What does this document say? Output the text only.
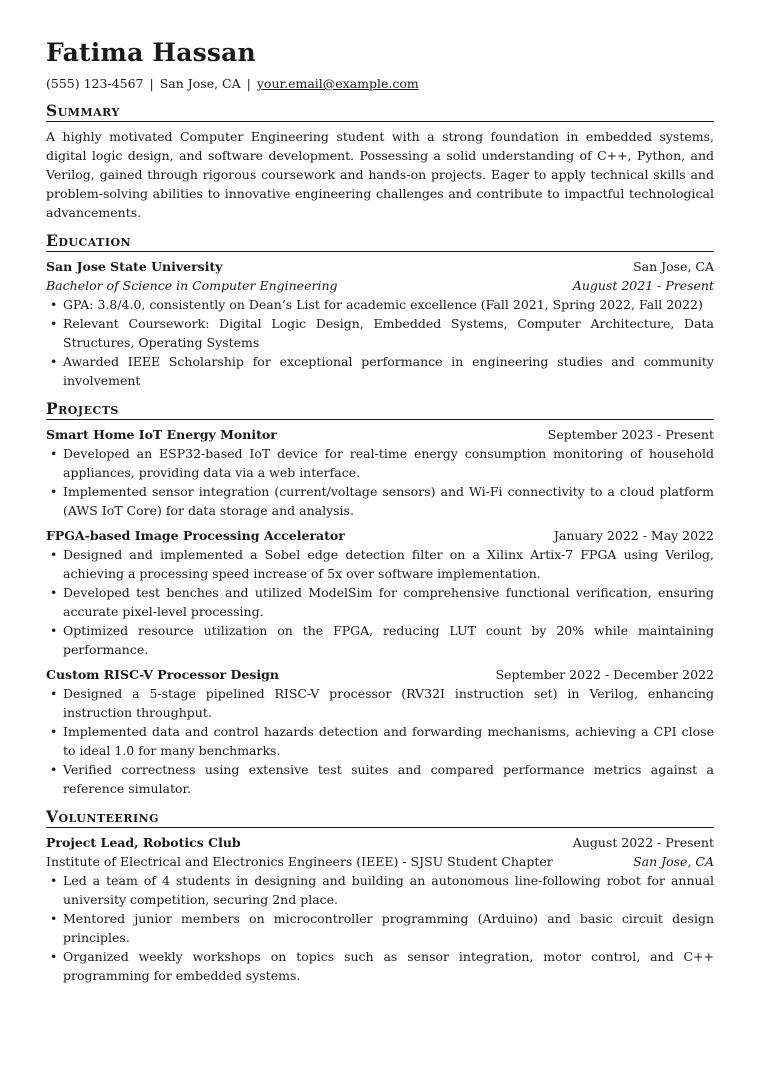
Fatima Hassan
(555) 123-4567 | San Jose, CA | your.email@example.com
Summary

A highly motivated Computer Engineering student with a strong foundation in embedded systems, digital logic design, and software development. Possessing a solid understanding of C++, Python, and Verilog, gained through rigorous coursework and hands-on projects. Eager to apply technical skills and problem-solving abilities to innovative engineering challenges and contribute to impactful technological advancements.

Education
San Jose State University	San Jose, CA
Bachelor of Science in Computer Engineering	August 2021 - Present
• GPA: 3.8/4.0, consistently on Dean’s List for academic excellence (Fall 2021, Spring 2022, Fall 2022)
• Relevant Coursework: Digital Logic Design, Embedded Systems, Computer Architecture, Data Structures, Operating Systems
• Awarded IEEE Scholarship for exceptional performance in engineering studies and community involvement
Projects
Smart Home IoT Energy Monitor	September 2023 - Present
• Developed an ESP32-based IoT device for real-time energy consumption monitoring of household appliances, providing data via a web interface.
• Implemented sensor integration (current/voltage sensors) and Wi-Fi connectivity to a cloud platform (AWS IoT Core) for data storage and analysis.
FPGA-based Image Processing Accelerator	January 2022 - May 2022
• Designed and implemented a Sobel edge detection filter on a Xilinx Artix-7 FPGA using Verilog, achieving a processing speed increase of 5x over software implementation.
• Developed test benches and utilized ModelSim for comprehensive functional verification, ensuring accurate pixel-level processing.
• Optimized resource utilization on the FPGA, reducing LUT count by 20% while maintaining performance.
Custom RISC-V Processor Design	September 2022 - December 2022
• Designed a 5-stage pipelined RISC-V processor (RV32I instruction set) in Verilog, enhancing instruction throughput.
• Implemented data and control hazards detection and forwarding mechanisms, achieving a CPI close to ideal 1.0 for many benchmarks.
• Verified correctness using extensive test suites and compared performance metrics against a reference simulator.
Volunteering
Project Lead, Robotics Club	August 2022 - Present
Institute of Electrical and Electronics Engineers (IEEE) - SJSU Student Chapter	San Jose, CA
• Led a team of 4 students in designing and building an autonomous line-following robot for annual university competition, securing 2nd place.
• Mentored junior members on microcontroller programming (Arduino) and basic circuit design principles.
• Organized weekly workshops on topics such as sensor integration, motor control, and C++ programming for embedded systems.
